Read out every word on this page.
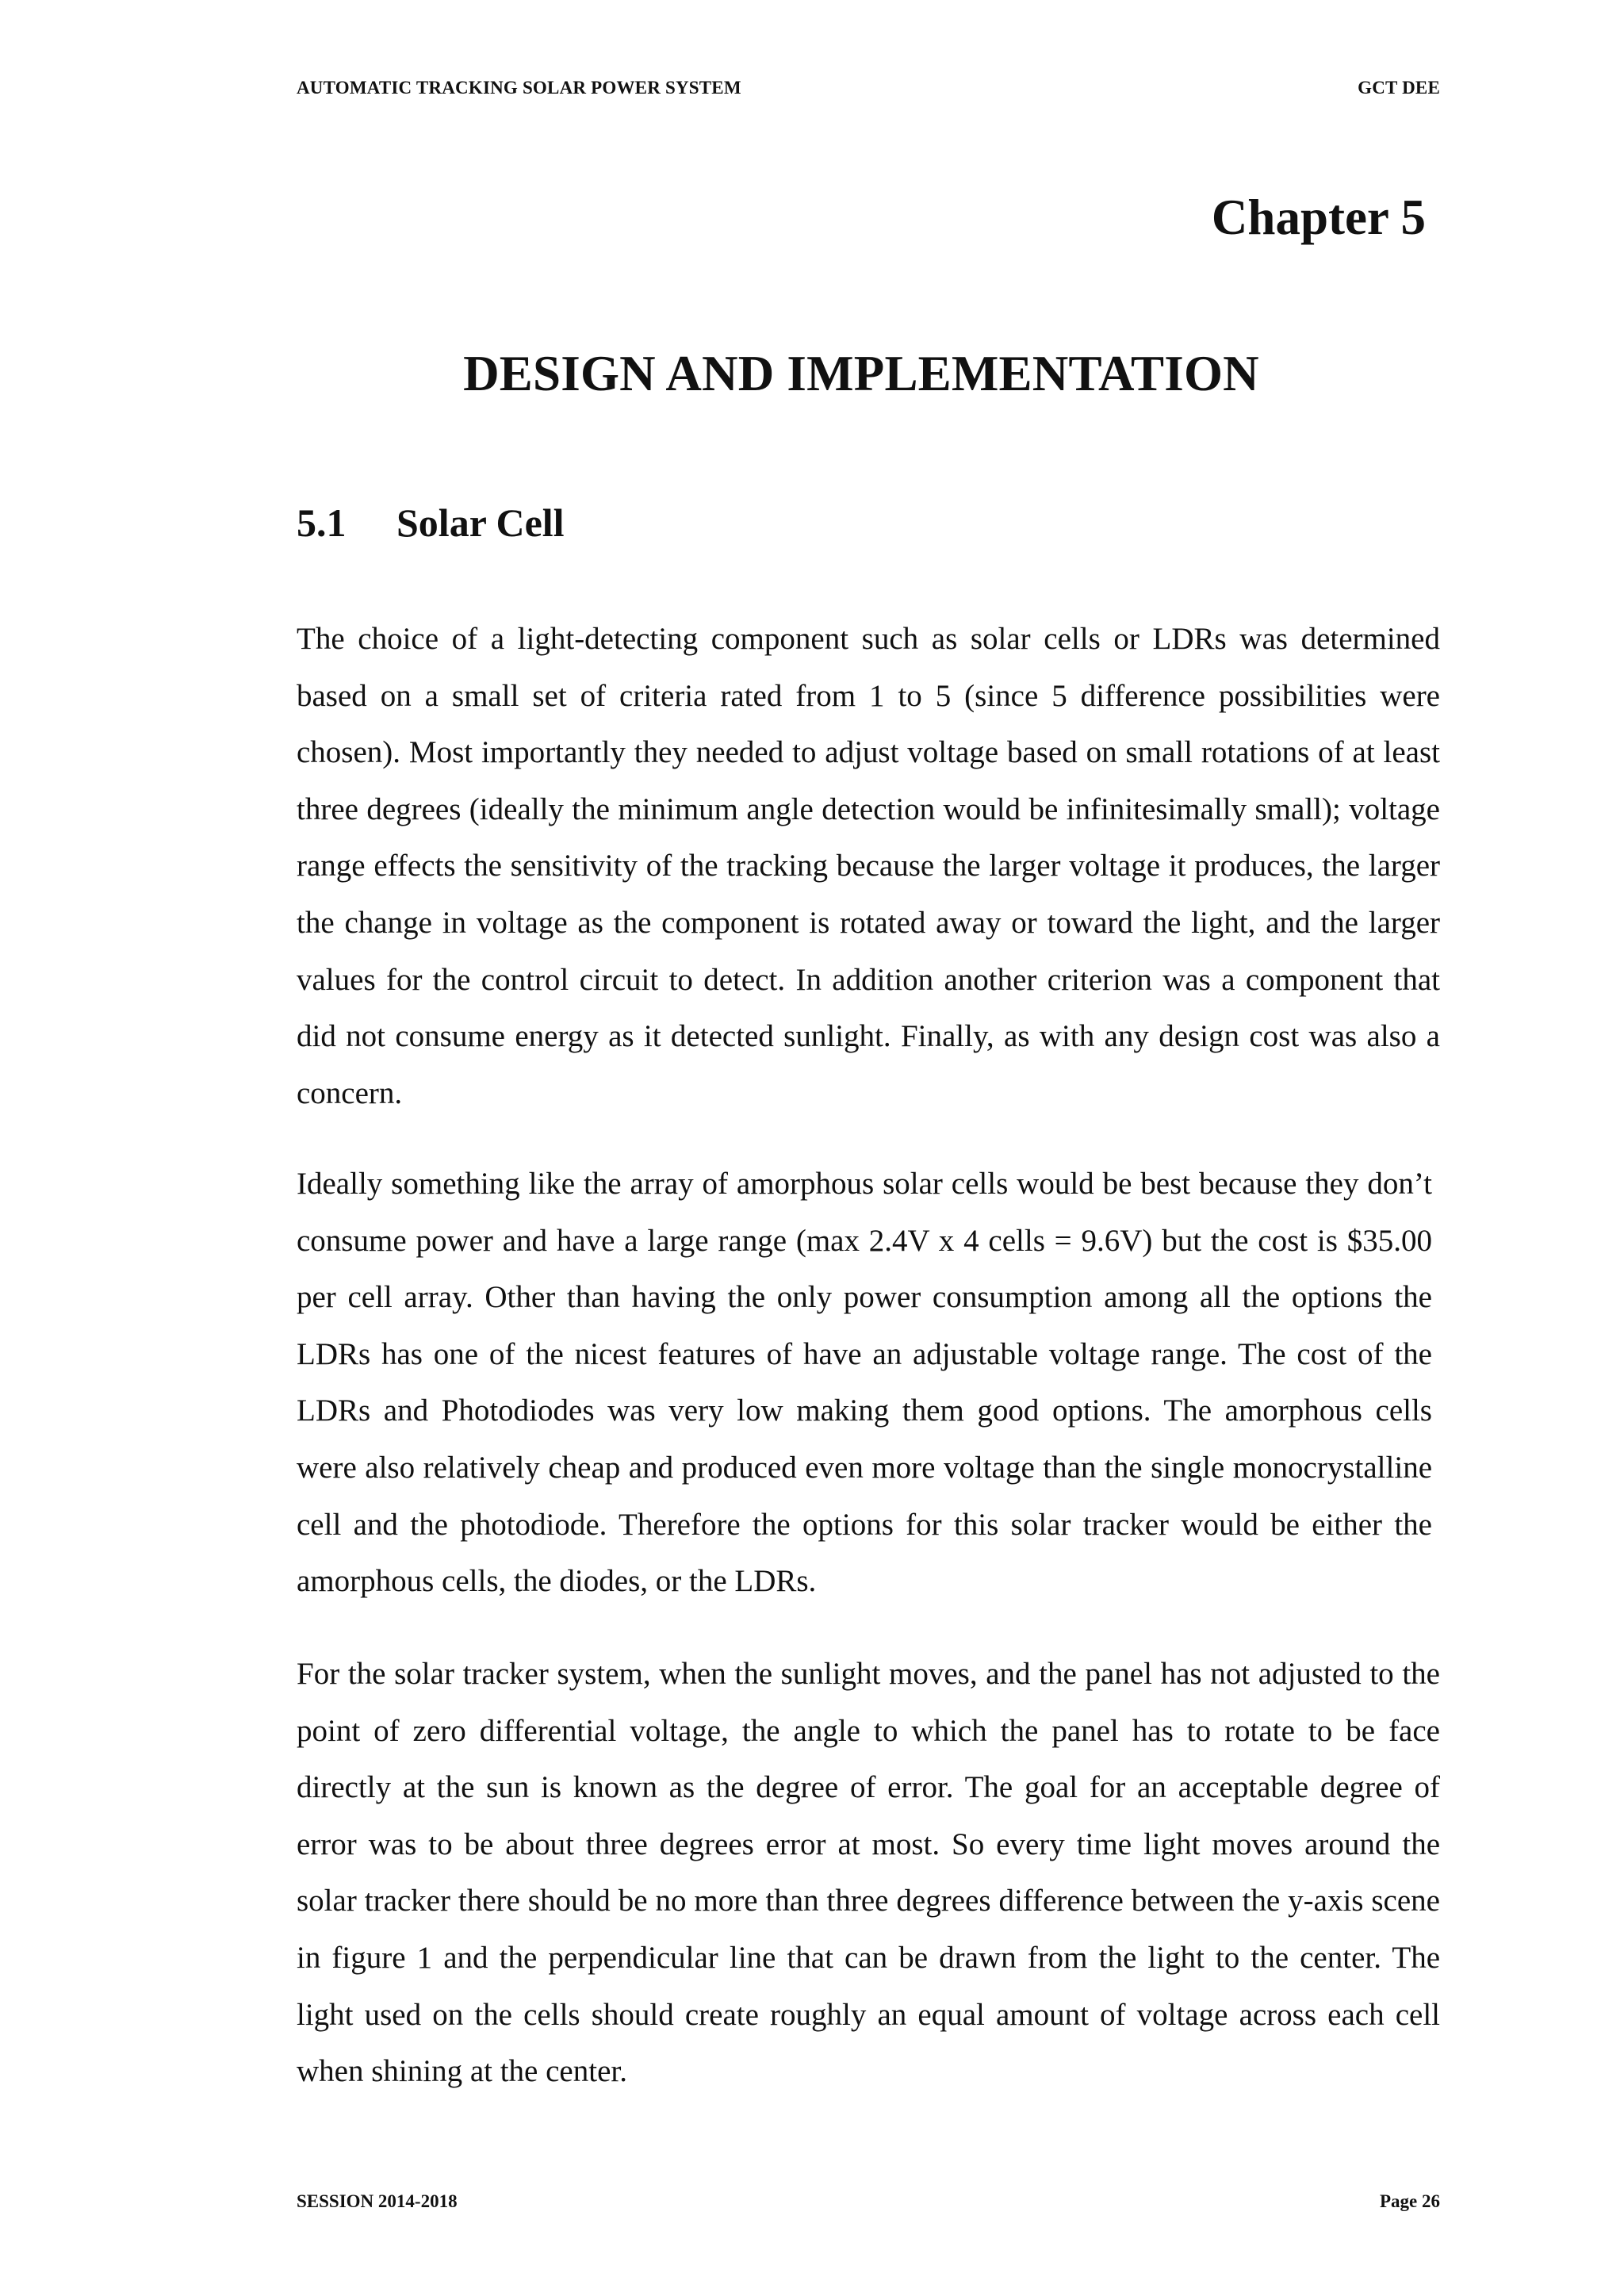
AUTOMATIC TRACKING SOLAR POWER SYSTEM	GCT DEE
Chapter 5
DESIGN AND IMPLEMENTATION
5.1	Solar Cell

The choice of a light-detecting component such as solar cells or LDRs was determined based on a small set of criteria rated from 1 to 5 (since 5 difference possibilities were chosen). Most importantly they needed to adjust voltage based on small rotations of at least three degrees (ideally the minimum angle detection would be infinitesimally small); voltage range effects the sensitivity of the tracking because the larger voltage it produces, the larger the change in voltage as the component is rotated away or toward the light, and the larger values for the control circuit to detect. In addition another criterion was a component that did not consume energy as it detected sunlight. Finally, as with any design cost was also a concern.

Ideally something like the array of amorphous solar cells would be best because they don’t consume power and have a large range (max 2.4V x 4 cells = 9.6V) but the cost is $35.00 per cell array. Other than having the only power consumption among all the options the LDRs has one of the nicest features of have an adjustable voltage range. The cost of the LDRs and Photodiodes was very low making them good options. The amorphous cells were also relatively cheap and produced even more voltage than the single monocrystalline cell and the photodiode. Therefore the options for this solar tracker would be either the amorphous cells, the diodes, or the LDRs.

For the solar tracker system, when the sunlight moves, and the panel has not adjusted to the point of zero differential voltage, the angle to which the panel has to rotate to be face directly at the sun is known as the degree of error. The goal for an acceptable degree of error was to be about three degrees error at most. So every time light moves around the solar tracker there should be no more than three degrees difference between the y-axis scene in figure 1 and the perpendicular line that can be drawn from the light to the center. The light used on the cells should create roughly an equal amount of voltage across each cell when shining at the center.

SESSION 2014-2018	Page 26
